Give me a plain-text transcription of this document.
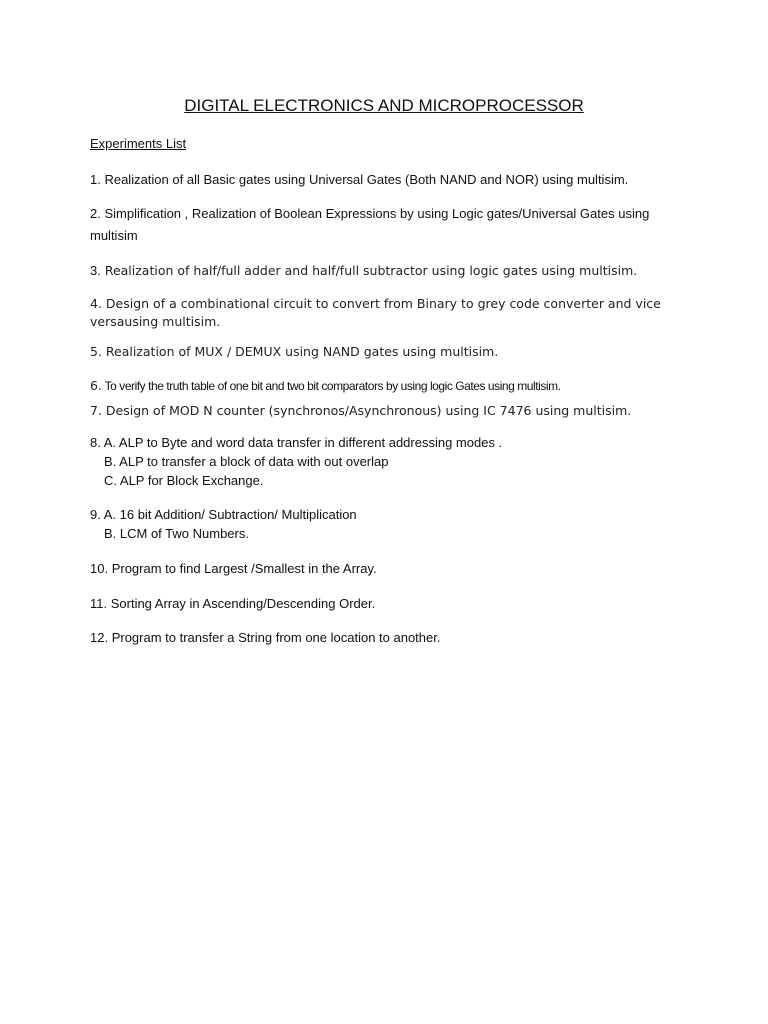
DIGITAL ELECTRONICS AND MICROPROCESSOR

Experiments List

1. Realization of all Basic gates using Universal Gates (Both NAND and NOR) using multisim.

2. Simplification , Realization of Boolean Expressions by using Logic gates/Universal Gates using

multisim

3. Realization of half/full adder and half/full subtractor using logic gates using multisim.

4. Design of a combinational circuit to convert from Binary to grey code converter and vice

versausing multisim.

5. Realization of MUX / DEMUX using NAND gates using multisim.

6. To verify the truth table of one bit and two bit comparators by using logic Gates using multisim.

7. Design of MOD N counter (synchronos/Asynchronous) using IC 7476 using multisim.

8. A. ALP to Byte and word data transfer in different addressing modes .

B. ALP to transfer a block of data with out overlap

C. ALP for Block Exchange.

9. A. 16 bit Addition/ Subtraction/ Multiplication

B. LCM of Two Numbers.

10. Program to find Largest /Smallest in the Array.

11. Sorting Array in Ascending/Descending Order.

12. Program to transfer a String from one location to another.
